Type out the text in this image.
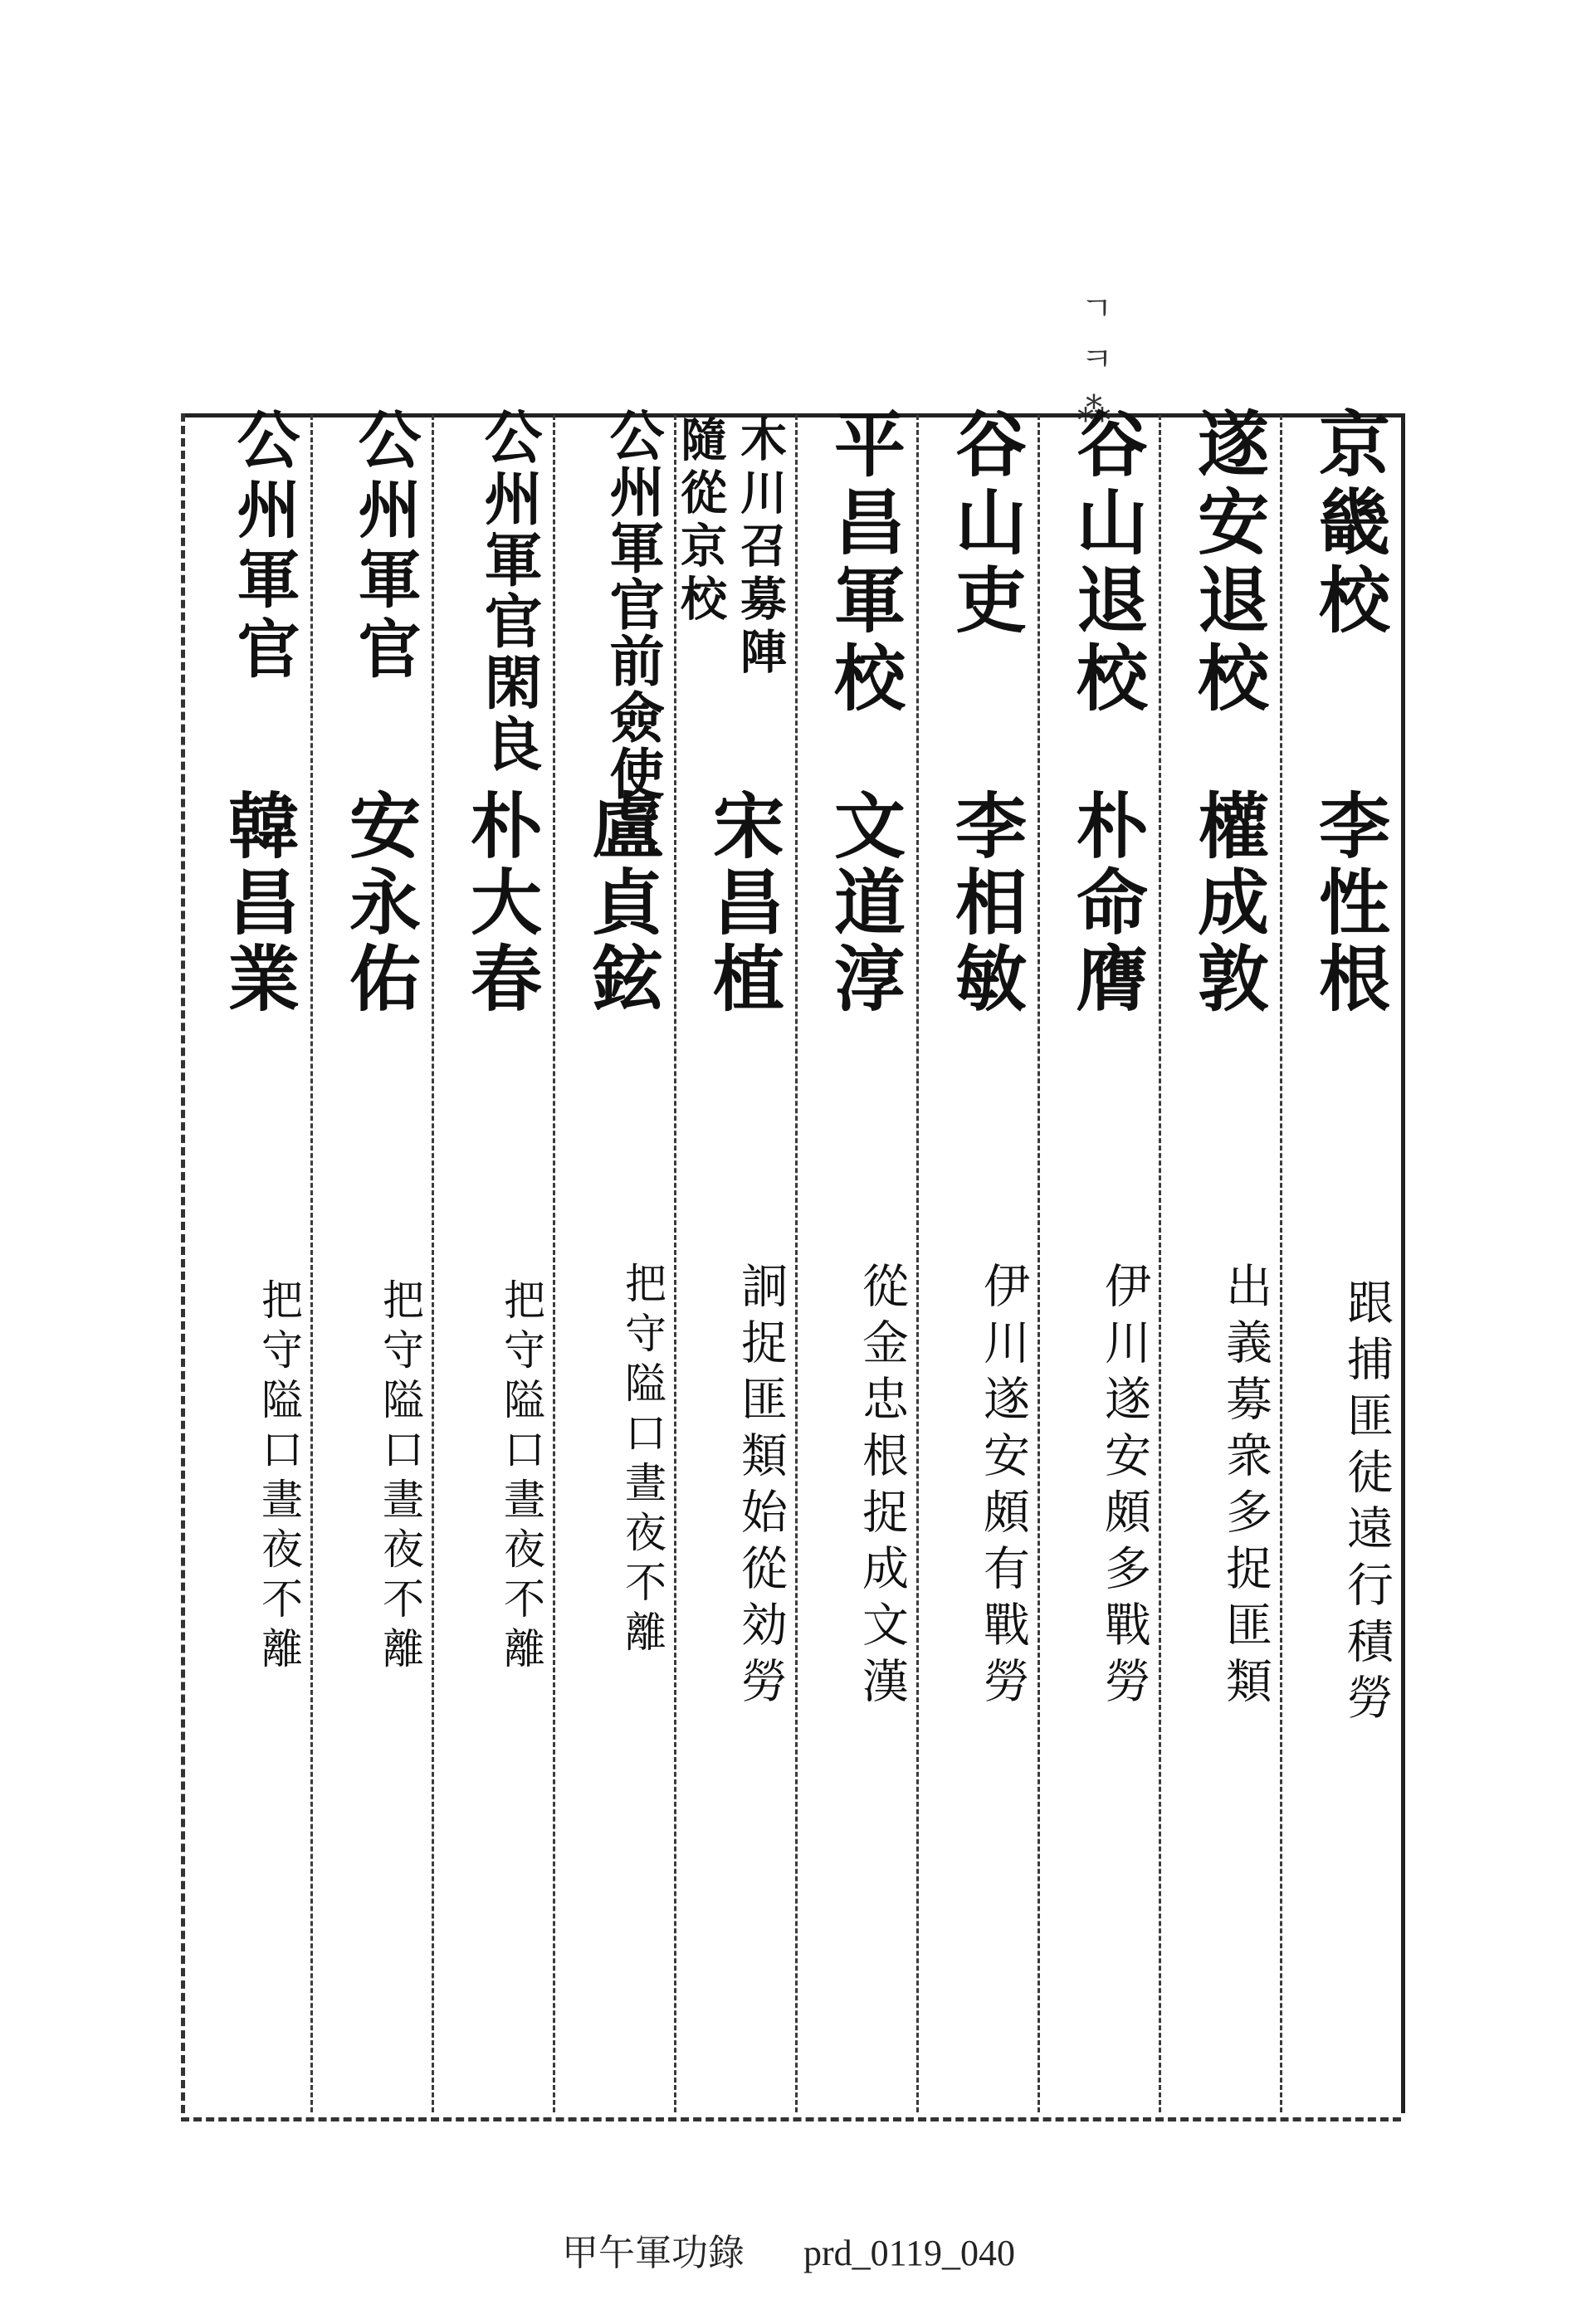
ㄱ ㅋ ⁂
京畿校
李性根
跟捕匪徒遠行積勞
遂安退校
權成敦
出義募衆多捉匪類
谷山退校
朴命膺
伊川遂安頗多戰勞
谷山吏
李相敏
伊川遂安頗有戰勞
平昌軍校
文道淳
從金忠根捉成文漢
木川召募陣
隨從京校
宋昌植
詗捉匪類始從効勞
公州軍官前僉使
盧貞鉉
把守隘口晝夜不離
公州軍官閑良
朴大春
把守隘口晝夜不離
公州軍官
安永佑
把守隘口晝夜不離
公州軍官
韓昌業
把守隘口晝夜不離
甲午軍功錄 prd_0119_040
